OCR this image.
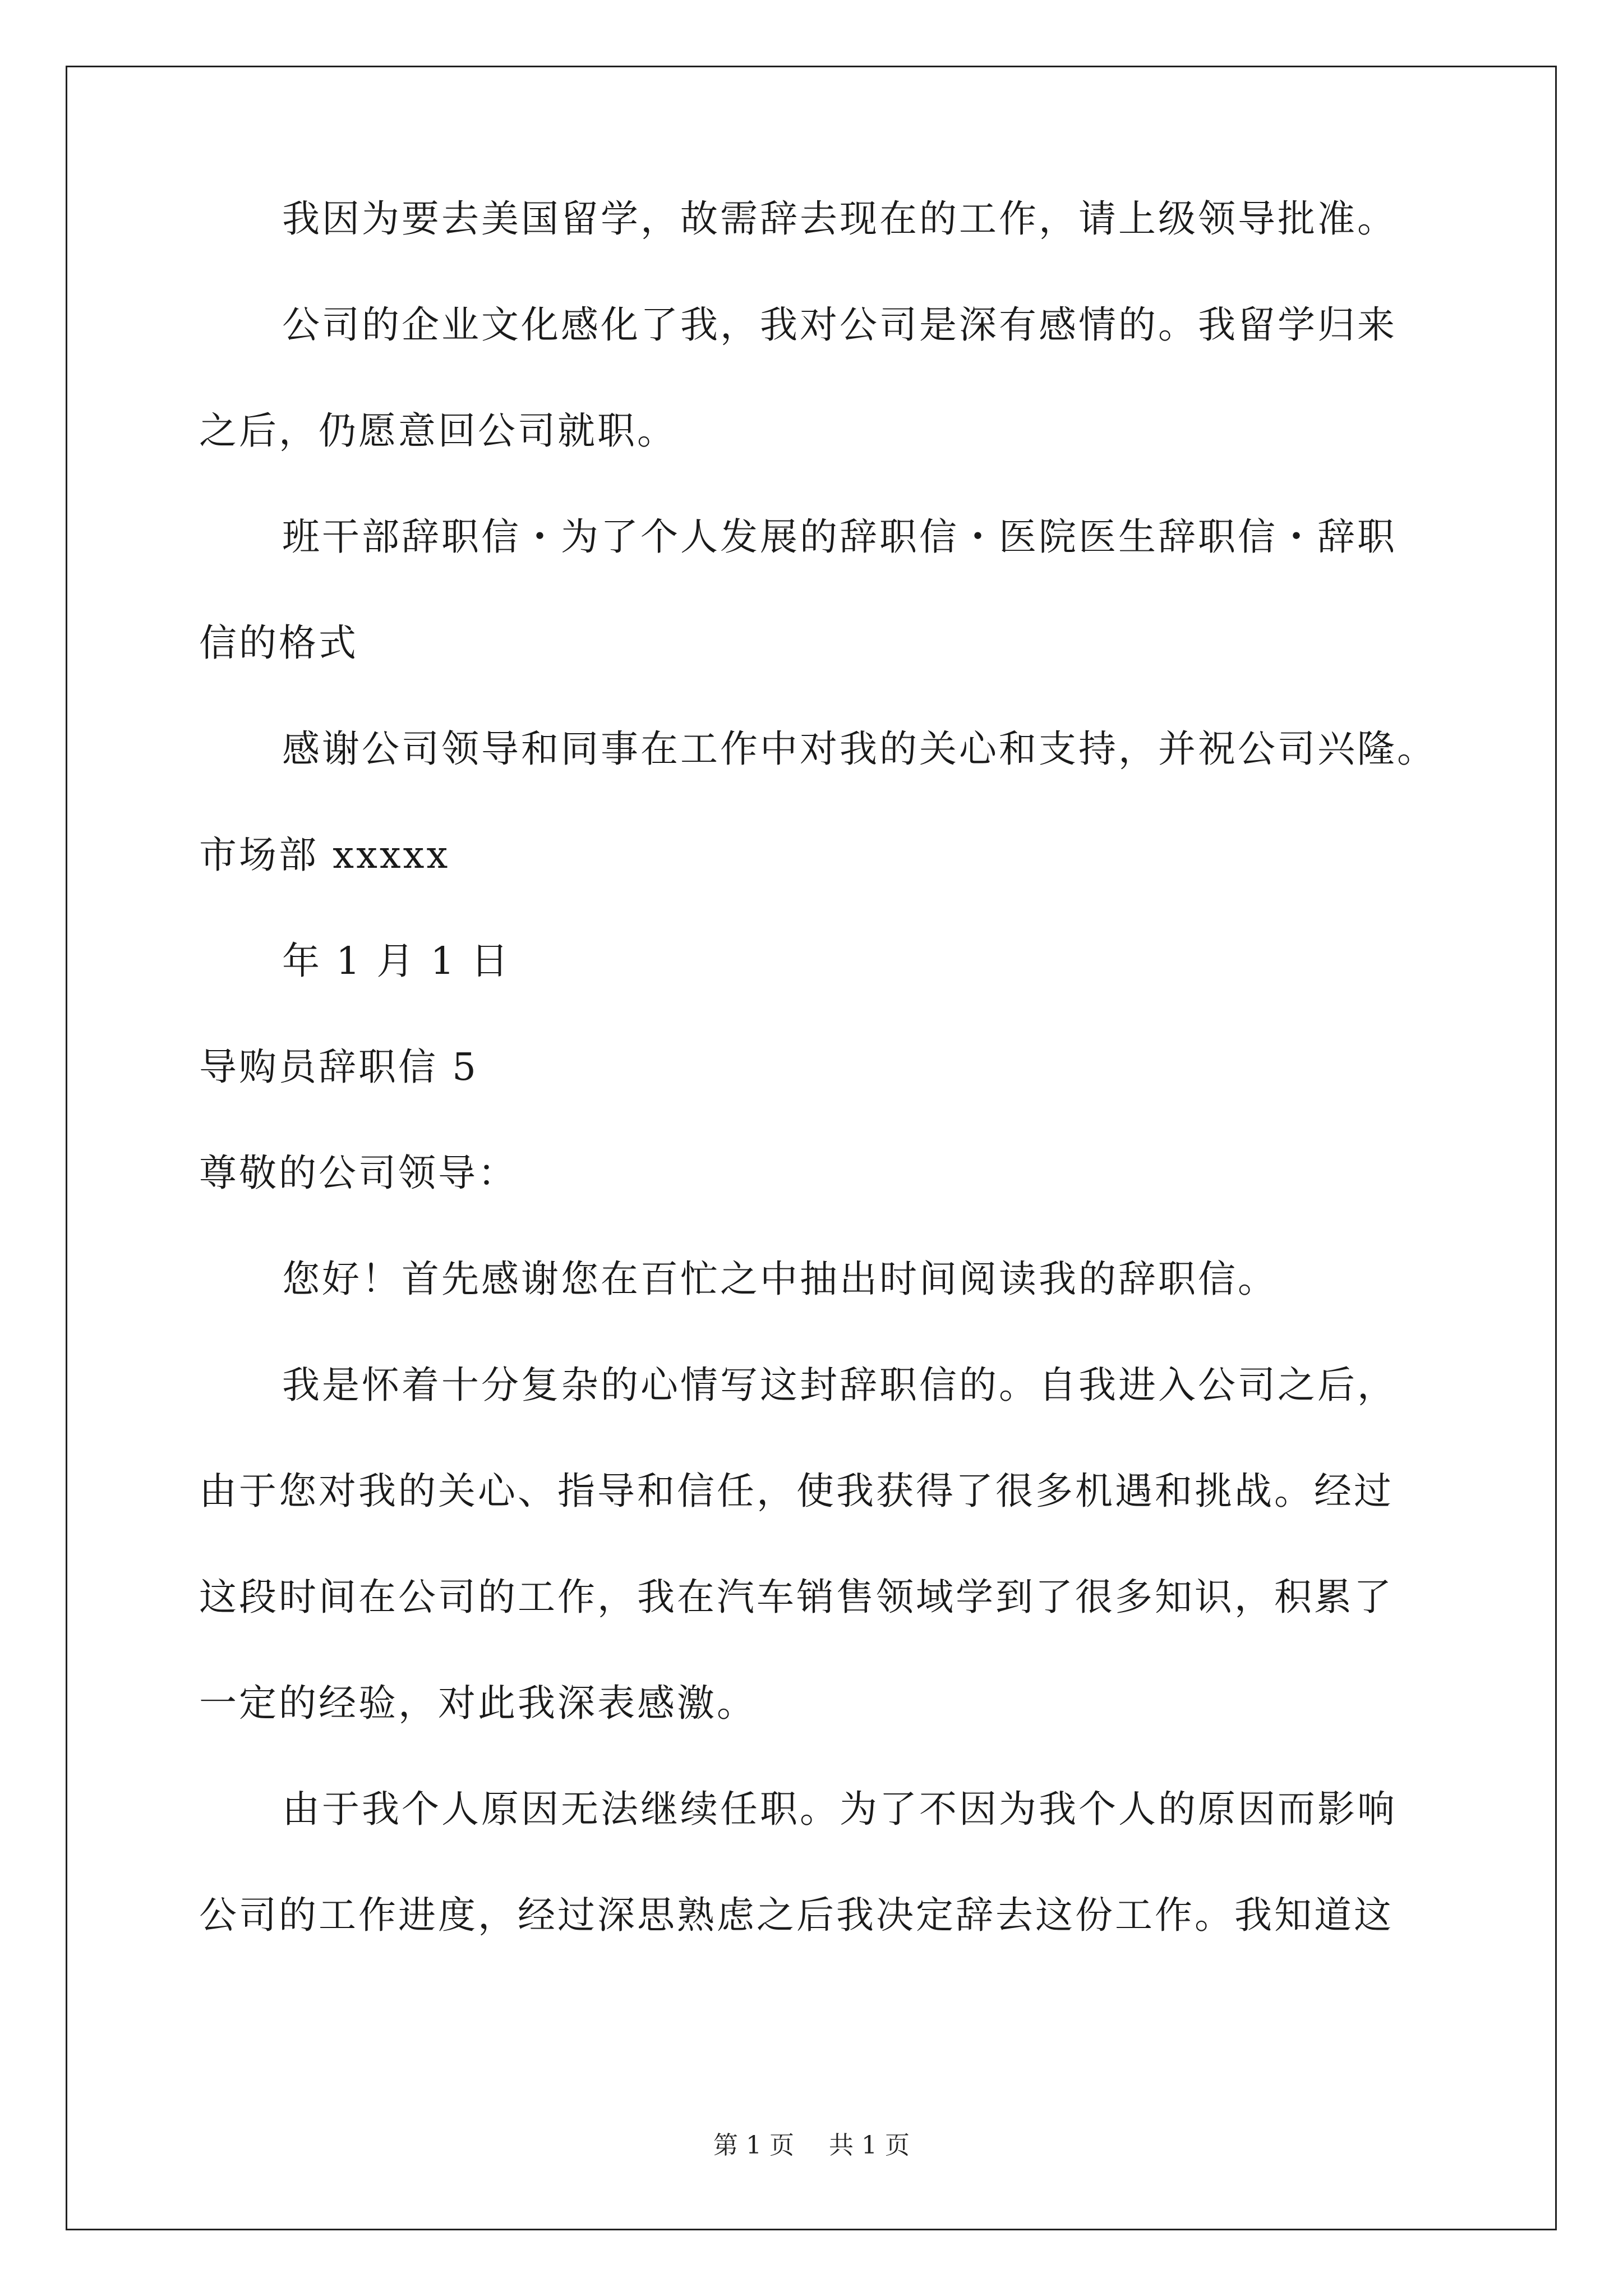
我因为要去美国留学，故需辞去现在的工作，请上级领导批准。
公司的企业文化感化了我，我对公司是深有感情的。我留学归来
之后，仍愿意回公司就职。
班干部辞职信・为了个人发展的辞职信・医院医生辞职信・辞职
信的格式
感谢公司领导和同事在工作中对我的关心和支持，并祝公司兴隆。
市场部 xxxxx
年 1 月 1 日
导购员辞职信 5
尊敬的公司领导：
您好！首先感谢您在百忙之中抽出时间阅读我的辞职信。
我是怀着十分复杂的心情写这封辞职信的。自我进入公司之后，
由于您对我的关心、指导和信任，使我获得了很多机遇和挑战。经过
这段时间在公司的工作，我在汽车销售领域学到了很多知识，积累了
一定的经验，对此我深表感激。
由于我个人原因无法继续任职。为了不因为我个人的原因而影响
公司的工作进度，经过深思熟虑之后我决定辞去这份工作。我知道这
第 1 页 共 1 页
